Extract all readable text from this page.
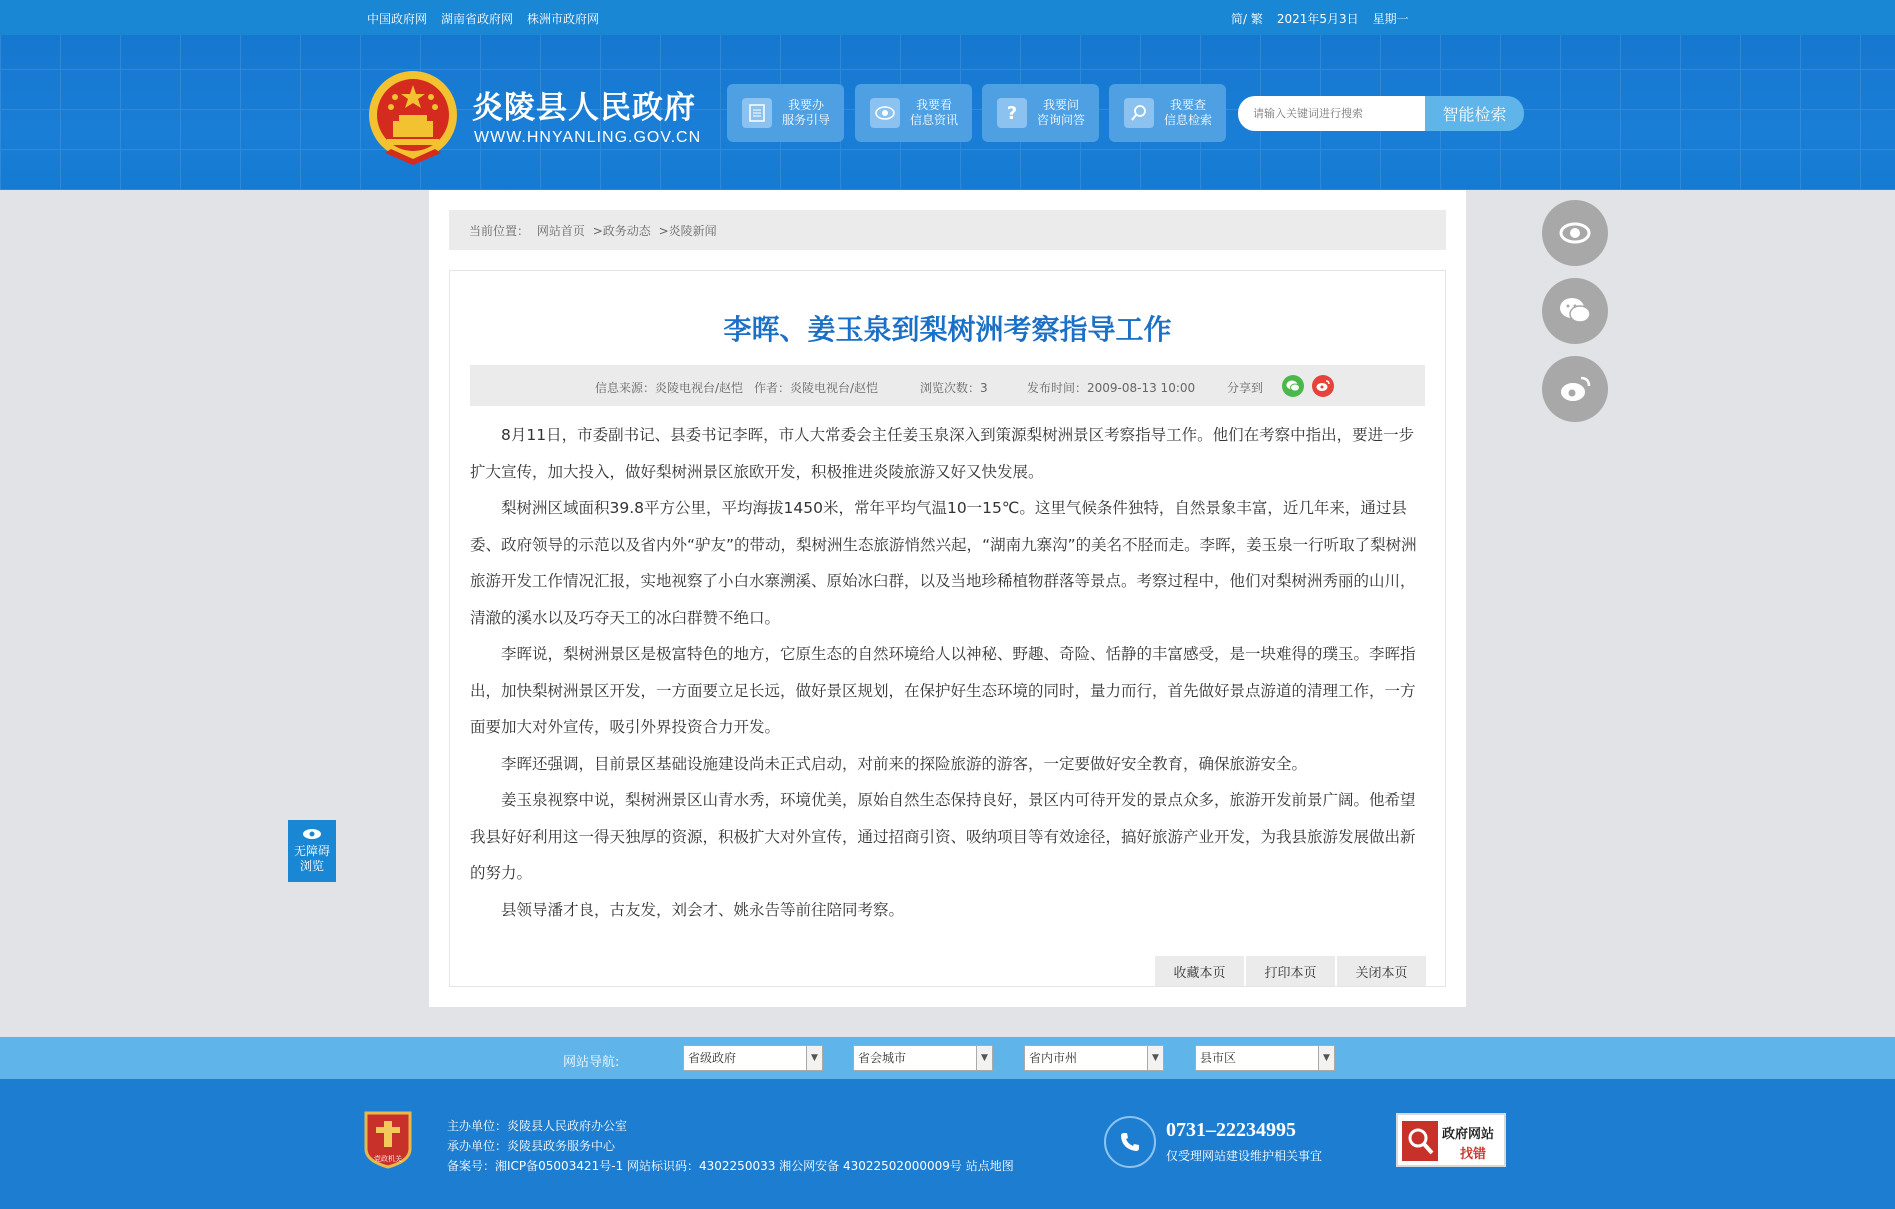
中国政府网 湖南省政府网 株洲市政府网	简/ 繁 2021年5月3日 星期一
炎陵县人民政府
WWW.HNYANLING.GOV.CN
我要办
服务引导
我要看
信息资讯	?	我要问
咨询问答
我要查
信息检索
请输入关键词进行搜索	智能检索
当前位置： 网站首页 >政务动态 >炎陵新闻
李晖、姜玉泉到梨树洲考察指导工作
信息来源：炎陵电视台/赵恺 作者：炎陵电视台/赵恺	浏览次数：3	发布时间：2009-08-13 10:00	分享到

8月11日，市委副书记、县委书记李晖，市人大常委会主任姜玉泉深入到策源梨树洲景区考察指导工作。他们在考察中指出，要进一步扩大宣传，加大投入，做好梨树洲景区旅欧开发，积极推进炎陵旅游又好又快发展。

梨树洲区域面积39.8平方公里，平均海拔1450米，常年平均气温10一15℃。这里气候条件独特，自然景象丰富，近几年来，通过县委、政府领导的示范以及省内外“驴友”的带动，梨树洲生态旅游悄然兴起，“湖南九寨沟”的美名不胫而走。李晖，姜玉泉一行听取了梨树洲旅游开发工作情况汇报，实地视察了小白水寨溯溪、原始冰臼群，以及当地珍稀植物群落等景点。考察过程中，他们对梨树洲秀丽的山川，清澈的溪水以及巧夺天工的冰臼群赞不绝口。

李晖说，梨树洲景区是极富特色的地方，它原生态的自然环境给人以神秘、野趣、奇险、恬静的丰富感受，是一块难得的璞玉。李晖指出，加快梨树洲景区开发，一方面要立足长远，做好景区规划，在保护好生态环境的同时，量力而行，首先做好景点游道的清理工作，一方面要加大对外宣传，吸引外界投资合力开发。

李晖还强调，目前景区基础设施建设尚未正式启动，对前来的探险旅游的游客，一定要做好安全教育，确保旅游安全。

姜玉泉视察中说，梨树洲景区山青水秀，环境优美，原始自然生态保持良好，景区内可待开发的景点众多，旅游开发前景广阔。他希望我县好好利用这一得天独厚的资源，积极扩大对外宣传，通过招商引资、吸纳项目等有效途径，搞好旅游产业开发，为我县旅游发展做出新的努力。

县领导潘才良，古友发，刘会才、姚永告等前往陪同考察。

收藏本页	打印本页	关闭本页
无障碍
浏览
网站导航:	省级政府	▼	省会城市	▼	省内市州	▼	县市区	▼
党政机关
主办单位：炎陵县人民政府办公室
承办单位：炎陵县政务服务中心
备案号：湘ICP备05003421号-1 网站标识码：4302250033 湘公网安备 43022502000009号 站点地图
0731–22234995
仅受理网站建设维护相关事宜
政府网站
找错
